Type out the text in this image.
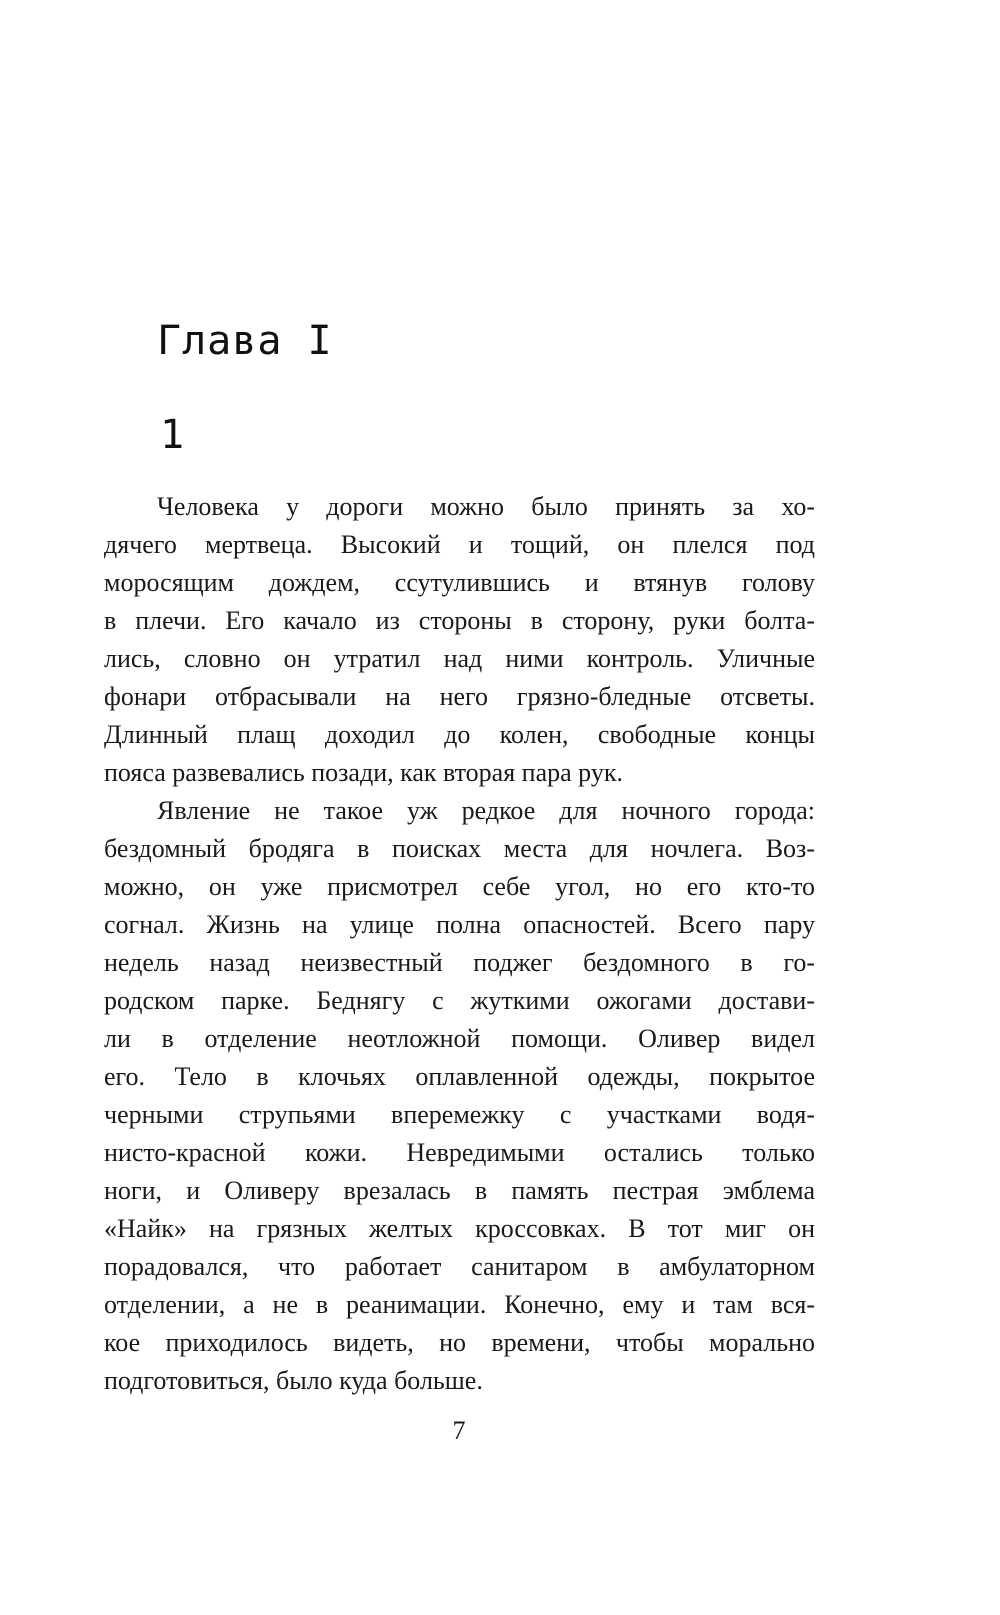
Глава I
1
Человека у дороги можно было принять за хо-
дячего мертвеца. Высокий и тощий, он плелся под
моросящим дождем, ссутулившись и втянув голову
в плечи. Его качало из стороны в сторону, руки болта-
лись, словно он утратил над ними контроль. Уличные
фонари отбрасывали на него грязно-бледные отсветы.
Длинный плащ доходил до колен, свободные концы
пояса развевались позади, как вторая пара рук.
Явление не такое уж редкое для ночного города:
бездомный бродяга в поисках места для ночлега. Воз-
можно, он уже присмотрел себе угол, но его кто-то
согнал. Жизнь на улице полна опасностей. Всего пару
недель назад неизвестный поджег бездомного в го-
родском парке. Беднягу с жуткими ожогами достави-
ли в отделение неотложной помощи. Оливер видел
его. Тело в клочьях оплавленной одежды, покрытое
черными струпьями вперемежку с участками водя-
нисто-красной кожи. Невредимыми остались только
ноги, и Оливеру врезалась в память пестрая эмблема
«Найк» на грязных желтых кроссовках. В тот миг он
порадовался, что работает санитаром в амбулаторном
отделении, а не в реанимации. Конечно, ему и там вся-
кое приходилось видеть, но времени, чтобы морально
подготовиться, было куда больше.
7
